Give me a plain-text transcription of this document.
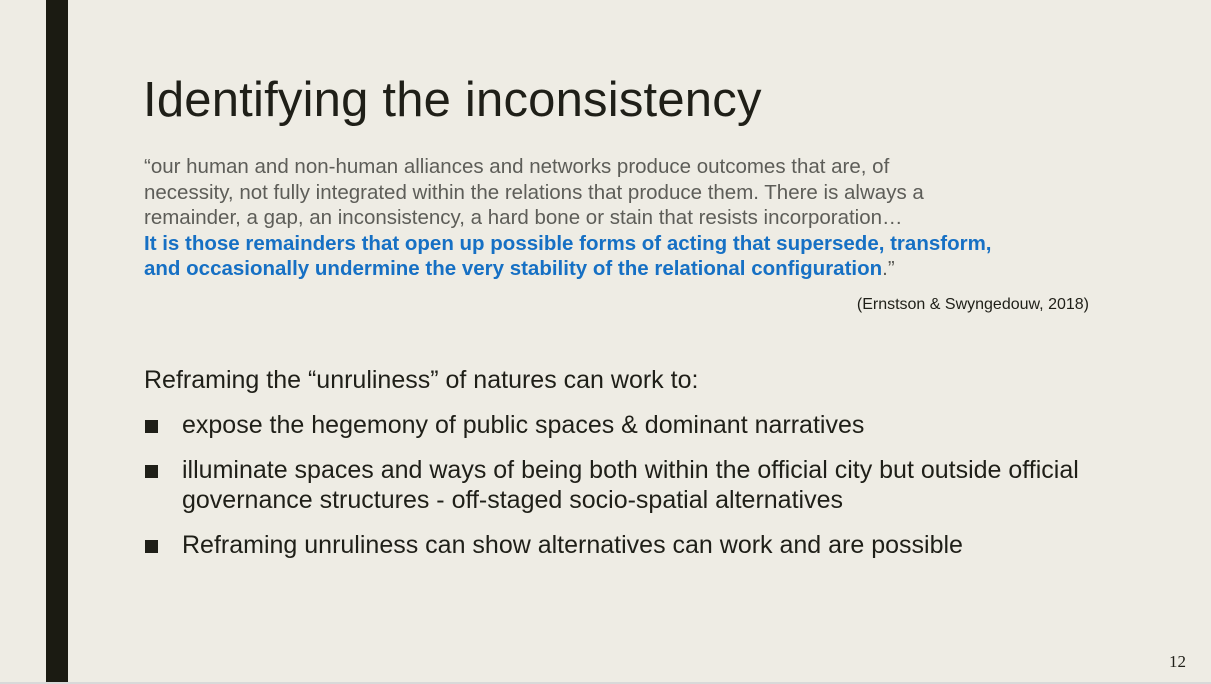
Identifying the inconsistency
“our human and non-human alliances and networks produce outcomes that are, of
necessity, not fully integrated within the relations that produce them. There is always a
remainder, a gap, an inconsistency, a hard bone or stain that resists incorporation…
It is those remainders that open up possible forms of acting that supersede, transform,
and occasionally undermine the very stability of the relational configuration.”

(Ernstson & Swyngedouw, 2018)

Reframing the “unruliness” of natures can work to:

expose the hegemony of public spaces & dominant narratives
illuminate spaces and ways of being both within the official city but outside official governance structures - off-staged socio-spatial alternatives
Reframing unruliness can show alternatives can work and are possible

12
